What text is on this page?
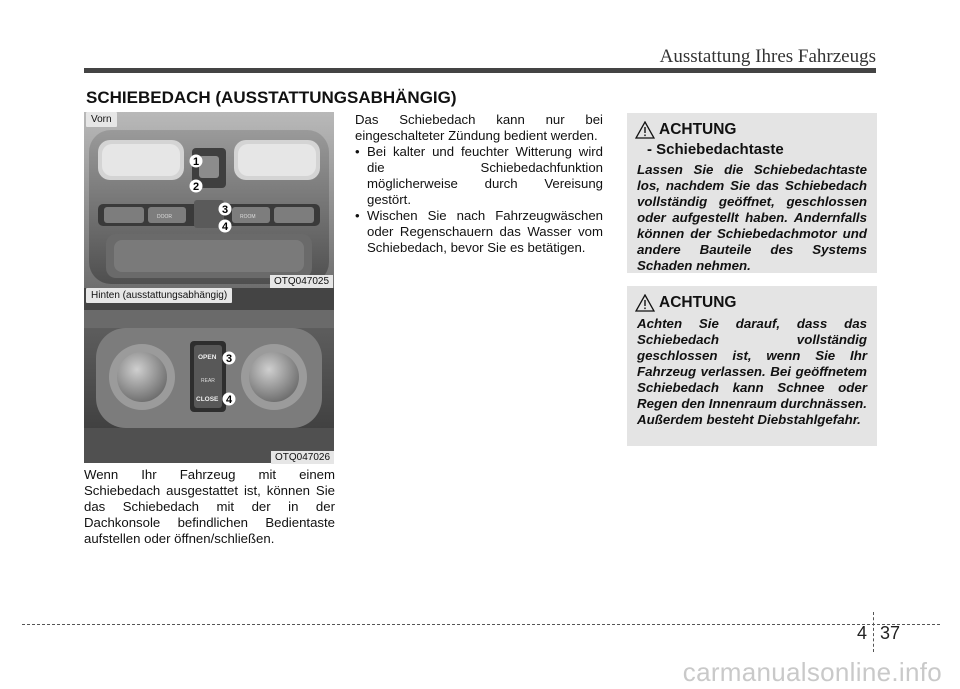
Ausstattung Ihres Fahrzeugs
SCHIEBEDACH (AUSSTATTUNGSABHÄNGIG)
DOOR	ROOM
1
2
3
4
Vorn
OTQ047025
OPEN
REAR
CLOSE
3
4
Hinten (ausstattungsabhängig)
OTQ047026

Wenn Ihr Fahrzeug mit einem Schiebedach ausgestattet ist, können Sie das Schiebedach mit der in der Dachkonsole befindlichen Bedientaste aufstellen oder öffnen/schließen.

Das Schiebedach kann nur bei eingeschalteter Zündung bedient werden.

• Bei kalter und feuchter Witterung wird die Schiebedachfunktion möglicherweise durch Vereisung gestört.
• Wischen Sie nach Fahrzeugwäschen oder Regenschauern das Wasser vom Schiebedach, bevor Sie es betätigen.
ACHTUNG
- Schiebedachtaste
Lassen Sie die Schiebedachtaste los, nachdem Sie das Schiebedach vollständig geöffnet, geschlossen oder aufgestellt haben. Andernfalls können der Schiebedachmotor und andere Bauteile des Systems Schaden nehmen.
ACHTUNG
Achten Sie darauf, dass das Schiebedach vollständig geschlossen ist, wenn Sie Ihr Fahrzeug verlassen. Bei geöffnetem Schiebedach kann Schnee oder Regen den Innenraum durchnässen. Außerdem besteht Diebstahlgefahr.
4 37
carmanualsonline.info
